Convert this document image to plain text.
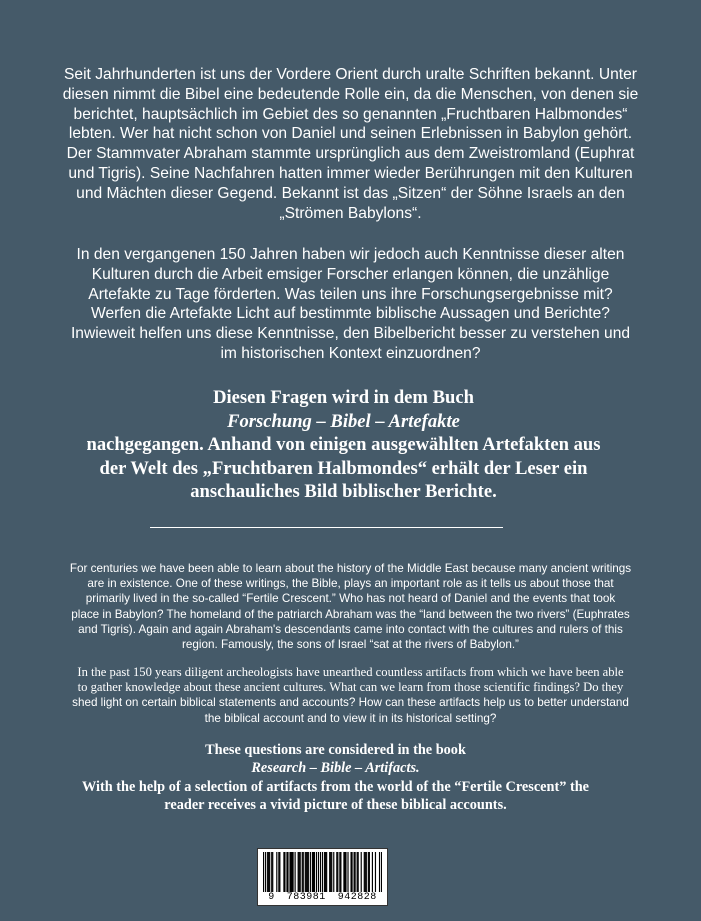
Seit Jahrhunderten ist uns der Vordere Orient durch uralte Schriften bekannt. Unter
diesen nimmt die Bibel eine bedeutende Rolle ein, da die Menschen, von denen sie
berichtet, hauptsächlich im Gebiet des so genannten „Fruchtbaren Halbmondes“
lebten. Wer hat nicht schon von Daniel und seinen Erlebnissen in Babylon gehört.
Der Stammvater Abraham stammte ursprünglich aus dem Zweistromland (Euphrat
und Tigris). Seine Nachfahren hatten immer wieder Berührungen mit den Kulturen
und Mächten dieser Gegend. Bekannt ist das „Sitzen“ der Söhne Israels an den
„Strömen Babylons“.
In den vergangenen 150 Jahren haben wir jedoch auch Kenntnisse dieser alten
Kulturen durch die Arbeit emsiger Forscher erlangen können, die unzählige
Artefakte zu Tage förderten. Was teilen uns ihre Forschungsergebnisse mit?
Werfen die Artefakte Licht auf bestimmte biblische Aussagen und Berichte?
Inwieweit helfen uns diese Kenntnisse, den Bibelbericht besser zu verstehen und
im historischen Kontext einzuordnen?
Diesen Fragen wird in dem Buch
Forschung – Bibel – Artefakte
nachgegangen. Anhand von einigen ausgewählten Artefakten aus
der Welt des „Fruchtbaren Halbmondes“ erhält der Leser ein
anschauliches Bild biblischer Berichte.
For centuries we have been able to learn about the history of the Middle East because many ancient writings
are in existence. One of these writings, the Bible, plays an important role as it tells us about those that
primarily lived in the so-called “Fertile Crescent.” Who has not heard of Daniel and the events that took
place in Babylon? The homeland of the patriarch Abraham was the “land between the two rivers” (Euphrates
and Tigris). Again and again Abraham's descendants came into contact with the cultures and rulers of this
region. Famously, the sons of Israel “sat at the rivers of Babylon.”
In the past 150 years diligent archeologists have unearthed countless artifacts from which we have been able
to gather knowledge about these ancient cultures. What can we learn from those scientific findings? Do they
shed light on certain biblical statements and accounts? How can these artifacts help us to better understand
the biblical account and to view it in its historical setting?
These questions are considered in the book
Research – Bible – Artifacts.
With the help of a selection of artifacts from the world of the “Fertile Crescent” the
reader receives a vivid picture of these biblical accounts.
9 783981 942828
